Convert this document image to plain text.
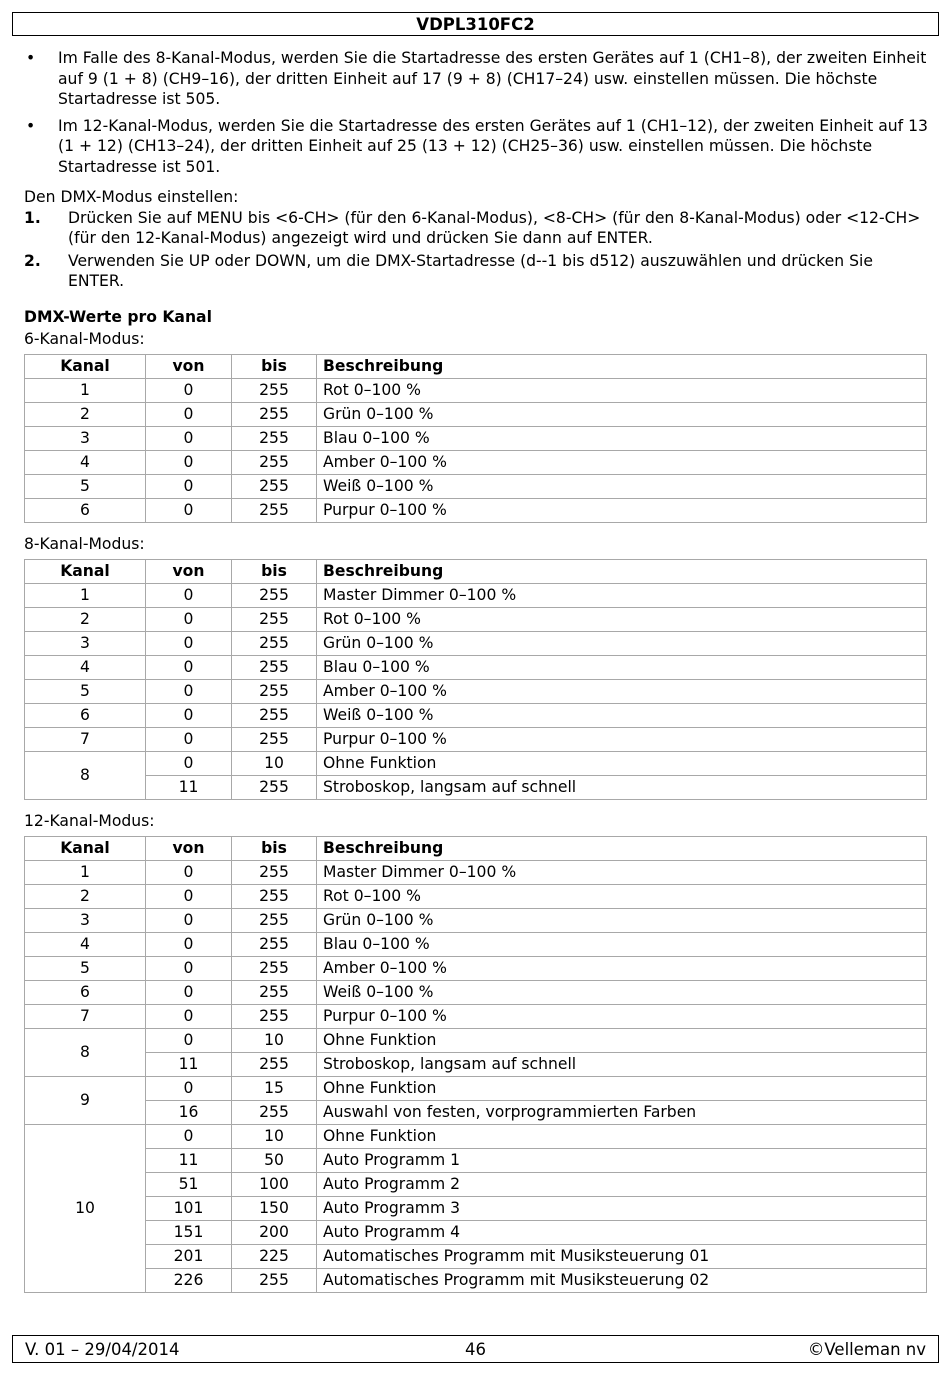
VDPL310FC2
• Im Falle des 8-Kanal-Modus, werden Sie die Startadresse des ersten Gerätes auf 1 (CH1–8), der zweiten Einheit auf 9 (1 + 8) (CH9–16), der dritten Einheit auf 17 (9 + 8) (CH17–24) usw. einstellen müssen. Die höchste Startadresse ist 505.
• Im 12-Kanal-Modus, werden Sie die Startadresse des ersten Gerätes auf 1 (CH1–12), der zweiten Einheit auf 13 (1 + 12) (CH13–24), der dritten Einheit auf 25 (13 + 12) (CH25–36) usw. einstellen müssen. Die höchste Startadresse ist 501.
Den DMX-Modus einstellen:
1. Drücken Sie auf MENU bis <6-CH> (für den 6-Kanal-Modus), <8-CH> (für den 8-Kanal-Modus) oder <12-CH> (für den 12-Kanal-Modus) angezeigt wird und drücken Sie dann auf ENTER.
2. Verwenden Sie UP oder DOWN, um die DMX-Startadresse (d--1 bis d512) auszuwählen und drücken Sie ENTER.
DMX-Werte pro Kanal
6-Kanal-Modus:
Kanal	von	bis	Beschreibung
1	0	255	Rot 0–100 %
2	0	255	Grün 0–100 %
3	0	255	Blau 0–100 %
4	0	255	Amber 0–100 %
5	0	255	Weiß 0–100 %
6	0	255	Purpur 0–100 %
8-Kanal-Modus:
Kanal	von	bis	Beschreibung
1	0	255	Master Dimmer 0–100 %
2	0	255	Rot 0–100 %
3	0	255	Grün 0–100 %
4	0	255	Blau 0–100 %
5	0	255	Amber 0–100 %
6	0	255	Weiß 0–100 %
7	0	255	Purpur 0–100 %
8	0	10	Ohne Funktion
	11	255	Stroboskop, langsam auf schnell
12-Kanal-Modus:
Kanal	von	bis	Beschreibung
1	0	255	Master Dimmer 0–100 %
2	0	255	Rot 0–100 %
3	0	255	Grün 0–100 %
4	0	255	Blau 0–100 %
5	0	255	Amber 0–100 %
6	0	255	Weiß 0–100 %
7	0	255	Purpur 0–100 %
8	0	10	Ohne Funktion
	11	255	Stroboskop, langsam auf schnell
9	0	15	Ohne Funktion
	16	255	Auswahl von festen, vorprogrammierten Farben
10	0	10	Ohne Funktion
	11	50	Auto Programm 1
	51	100	Auto Programm 2
	101	150	Auto Programm 3
	151	200	Auto Programm 4
	201	225	Automatisches Programm mit Musiksteuerung 01
	226	255	Automatisches Programm mit Musiksteuerung 02
V. 01 – 29/04/2014	46	©Velleman nv
